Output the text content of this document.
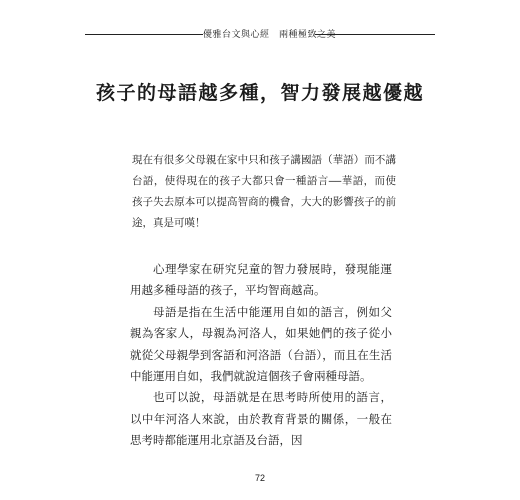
優雅台文與心經　兩種極致之美
孩子的母語越多種，智力發展越優越

現在有很多父母親在家中只和孩子講國語（華語）而不講台語，使得現在的孩子大都只會一種語言——華語，而使孩子失去原本可以提高智商的機會，大大的影響孩子的前途，真是可嘆！

心理學家在研究兒童的智力發展時，發現能運用越多種母語的孩子，平均智商越高。

母語是指在生活中能運用自如的語言，例如父親為客家人，母親為河洛人，如果她們的孩子從小就從父母親學到客語和河洛語（台語），而且在生活中能運用自如，我們就說這個孩子會兩種母語。

也可以說，母語就是在思考時所使用的語言，以中年河洛人來說，由於教育背景的關係，一般在思考時都能運用北京語及台語，因

72
